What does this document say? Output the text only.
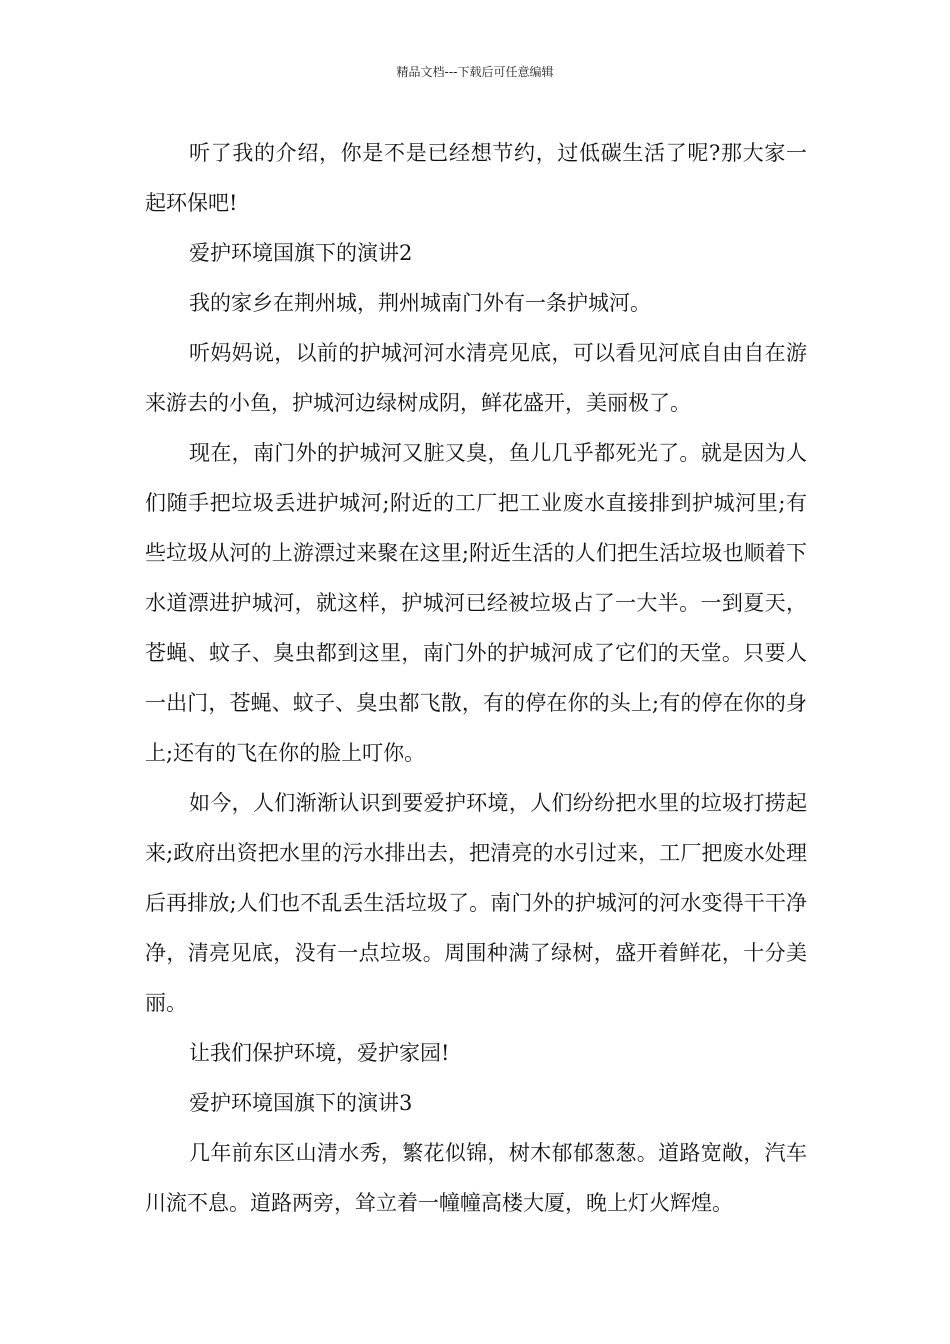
精品文档---下载后可任意编辑

听了我的介绍，你是不是已经想节约，过低碳生活了呢?那大家一起环保吧!

爱护环境国旗下的演讲2

我的家乡在荆州城，荆州城南门外有一条护城河。

听妈妈说，以前的护城河河水清亮见底，可以看见河底自由自在游来游去的小鱼，护城河边绿树成阴，鲜花盛开，美丽极了。

现在，南门外的护城河又脏又臭，鱼儿几乎都死光了。就是因为人们随手把垃圾丢进护城河;附近的工厂把工业废水直接排到护城河里;有些垃圾从河的上游漂过来聚在这里;附近生活的人们把生活垃圾也顺着下水道漂进护城河，就这样，护城河已经被垃圾占了一大半。一到夏天，苍蝇、蚊子、臭虫都到这里，南门外的护城河成了它们的天堂。只要人一出门，苍蝇、蚊子、臭虫都飞散，有的停在你的头上;有的停在你的身上;还有的飞在你的脸上叮你。

如今，人们渐渐认识到要爱护环境，人们纷纷把水里的垃圾打捞起来;政府出资把水里的污水排出去，把清亮的水引过来，工厂把废水处理后再排放;人们也不乱丢生活垃圾了。南门外的护城河的河水变得干干净净，清亮见底，没有一点垃圾。周围种满了绿树，盛开着鲜花，十分美丽。

让我们保护环境，爱护家园!

爱护环境国旗下的演讲3

几年前东区山清水秀，繁花似锦，树木郁郁葱葱。道路宽敞，汽车川流不息。道路两旁，耸立着一幢幢高楼大厦，晚上灯火辉煌。
